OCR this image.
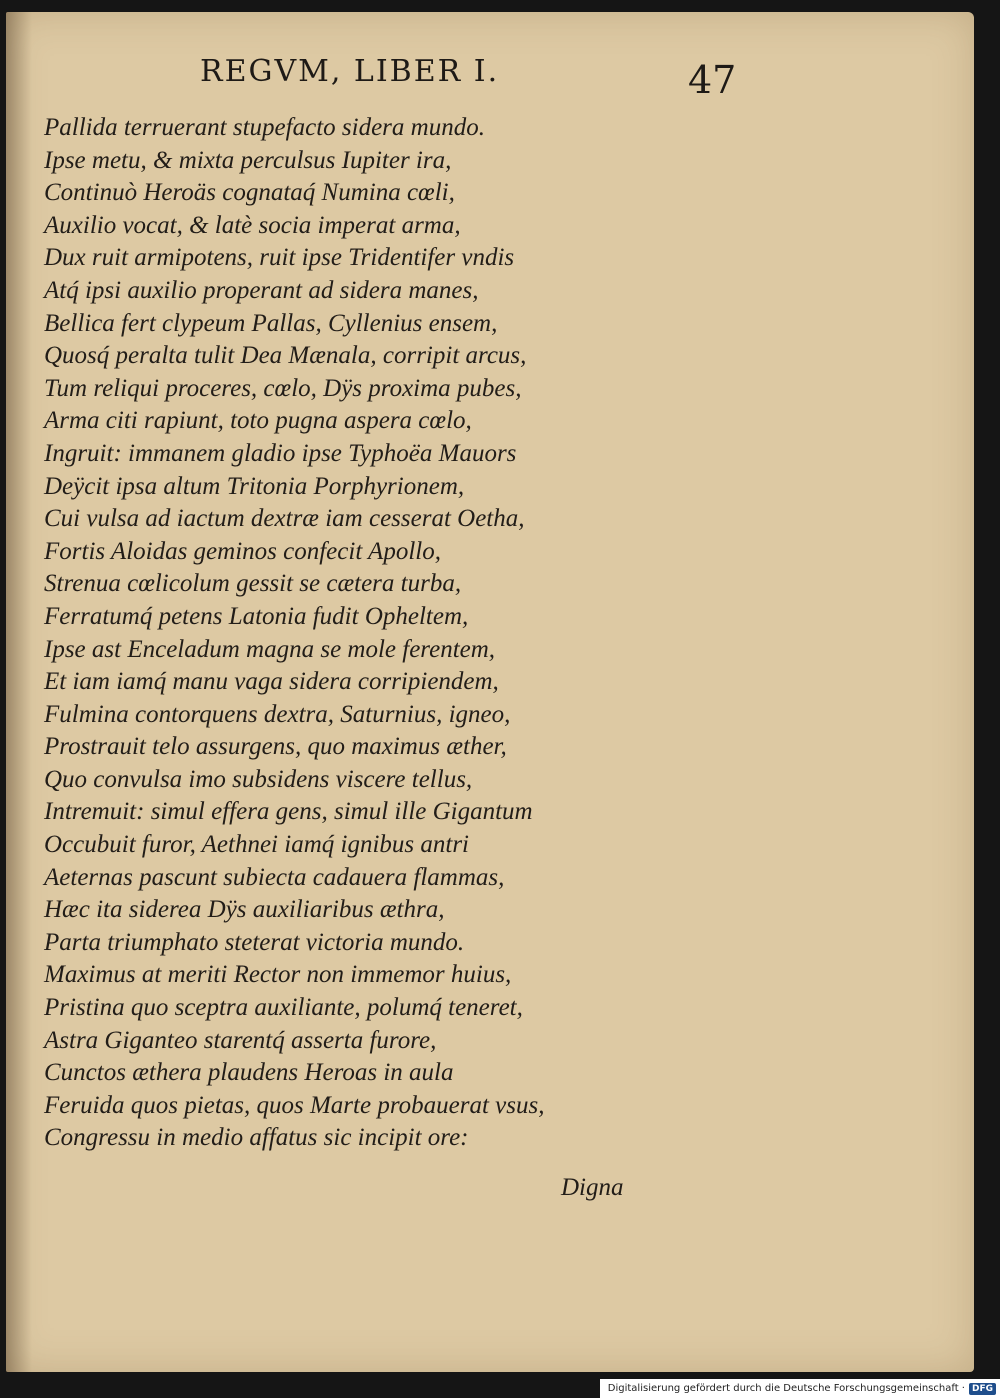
REGVM, LIBER I.	47
Pallida terruerant stupefacto sidera mundo.
Ipse metu, & mixta perculsus Iupiter ira,
Continuò Heroäs cognataq́ Numina cœli,
Auxilio vocat, & latè socia imperat arma,
Dux ruit armipotens, ruit ipse Tridentifer vndis
Atq́ ipsi auxilio properant ad sidera manes,
Bellica fert clypeum Pallas, Cyllenius ensem,
Quosq́ peralta tulit Dea Mænala, corripit arcus,
Tum reliqui proceres, cœlo, Dÿs proxima pubes,
Arma citi rapiunt, toto pugna aspera cœlo,
Ingruit: immanem gladio ipse Typhoëa Mauors
Deÿcit ipsa altum Tritonia Porphyrionem,
Cui vulsa ad iactum dextræ iam cesserat Oetha,
Fortis Aloidas geminos confecit Apollo,
Strenua cœlicolum gessit se cætera turba,
Ferratumq́ petens Latonia fudit Opheltem,
Ipse ast Enceladum magna se mole ferentem,
Et iam iamq́ manu vaga sidera corripiendem,
Fulmina contorquens dextra, Saturnius, igneo,
Prostrauit telo assurgens, quo maximus æther,
Quo convulsa imo subsidens viscere tellus,
Intremuit: simul effera gens, simul ille Gigantum
Occubuit furor, Aethnei iamq́ ignibus antri
Aeternas pascunt subiecta cadauera flammas,
Hæc ita siderea Dÿs auxiliaribus æthra,
Parta triumphato steterat victoria mundo.
Maximus at meriti Rector non immemor huius,
Pristina quo sceptra auxiliante, polumq́ teneret,
Astra Giganteo starentq́ asserta furore,
Cunctos æthera plaudens Heroas in aula
Feruida quos pietas, quos Marte probauerat vsus,
Congressu in medio affatus sic incipit ore:
Digna
Digitalisierung gefördert durch die Deutsche Forschungsgemeinschaft · DFG
